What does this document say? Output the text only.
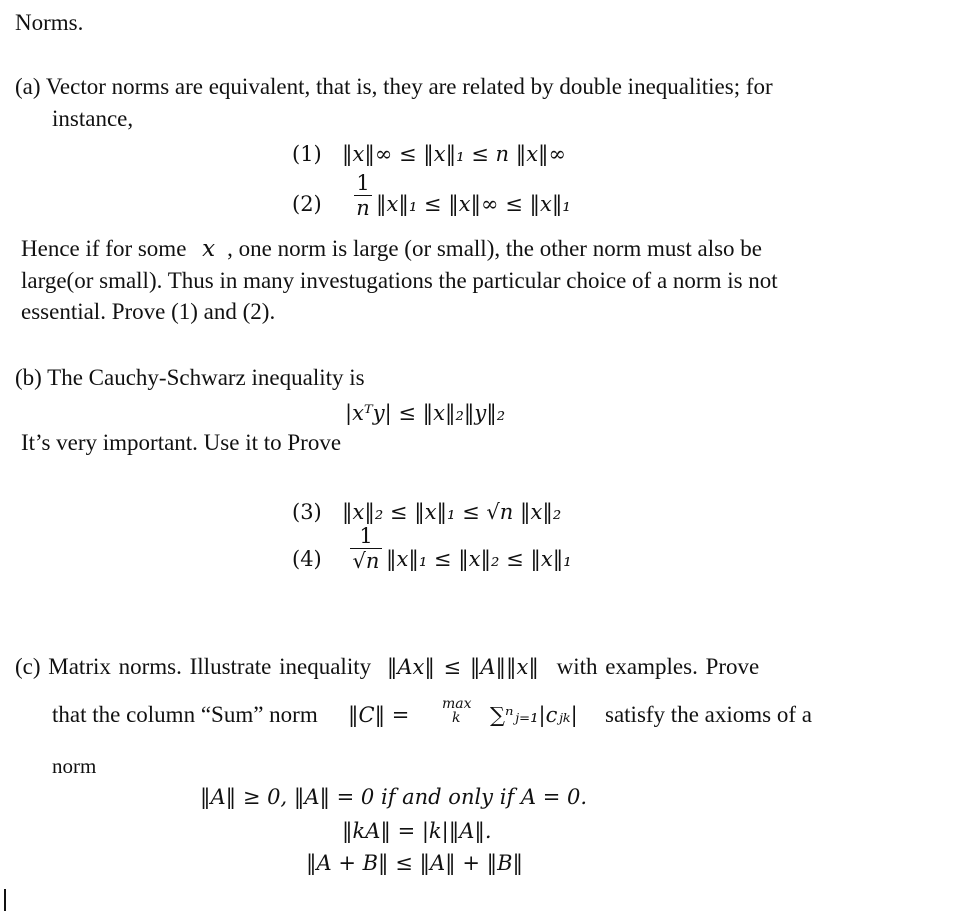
Norms.
(a) Vector norms are equivalent, that is, they are related by double inequalities; for
instance,
(1) ‖x‖∞ ≤ ‖x‖₁ ≤ n ‖x‖∞
(2)
1
n ‖x‖₁ ≤ ‖x‖∞ ≤ ‖x‖₁
Hence if for some x , one norm is large (or small), the other norm must also be
large(or small). Thus in many investugations the particular choice of a norm is not
essential. Prove (1) and (2).
(b) The Cauchy-Schwarz inequality is
|xᵀy| ≤ ‖x‖₂‖y‖₂
It’s very important. Use it to Prove
(3) ‖x‖₂ ≤ ‖x‖₁ ≤ √n ‖x‖₂
(4)
1
√n ‖x‖₁ ≤ ‖x‖₂ ≤ ‖x‖₁
(c) Matrix norms. Illustrate inequality ‖Ax‖ ≤ ‖A‖‖x‖ with examples. Prove
that the column “Sum” norm ‖C‖ = max
k ∑ⁿⱼ₌₁|cⱼₖ| satisfy the axioms of a
norm
‖A‖ ≥ 0, ‖A‖ = 0 if and only if A = 0.
‖kA‖ = |k|‖A‖.
‖A + B‖ ≤ ‖A‖ + ‖B‖
